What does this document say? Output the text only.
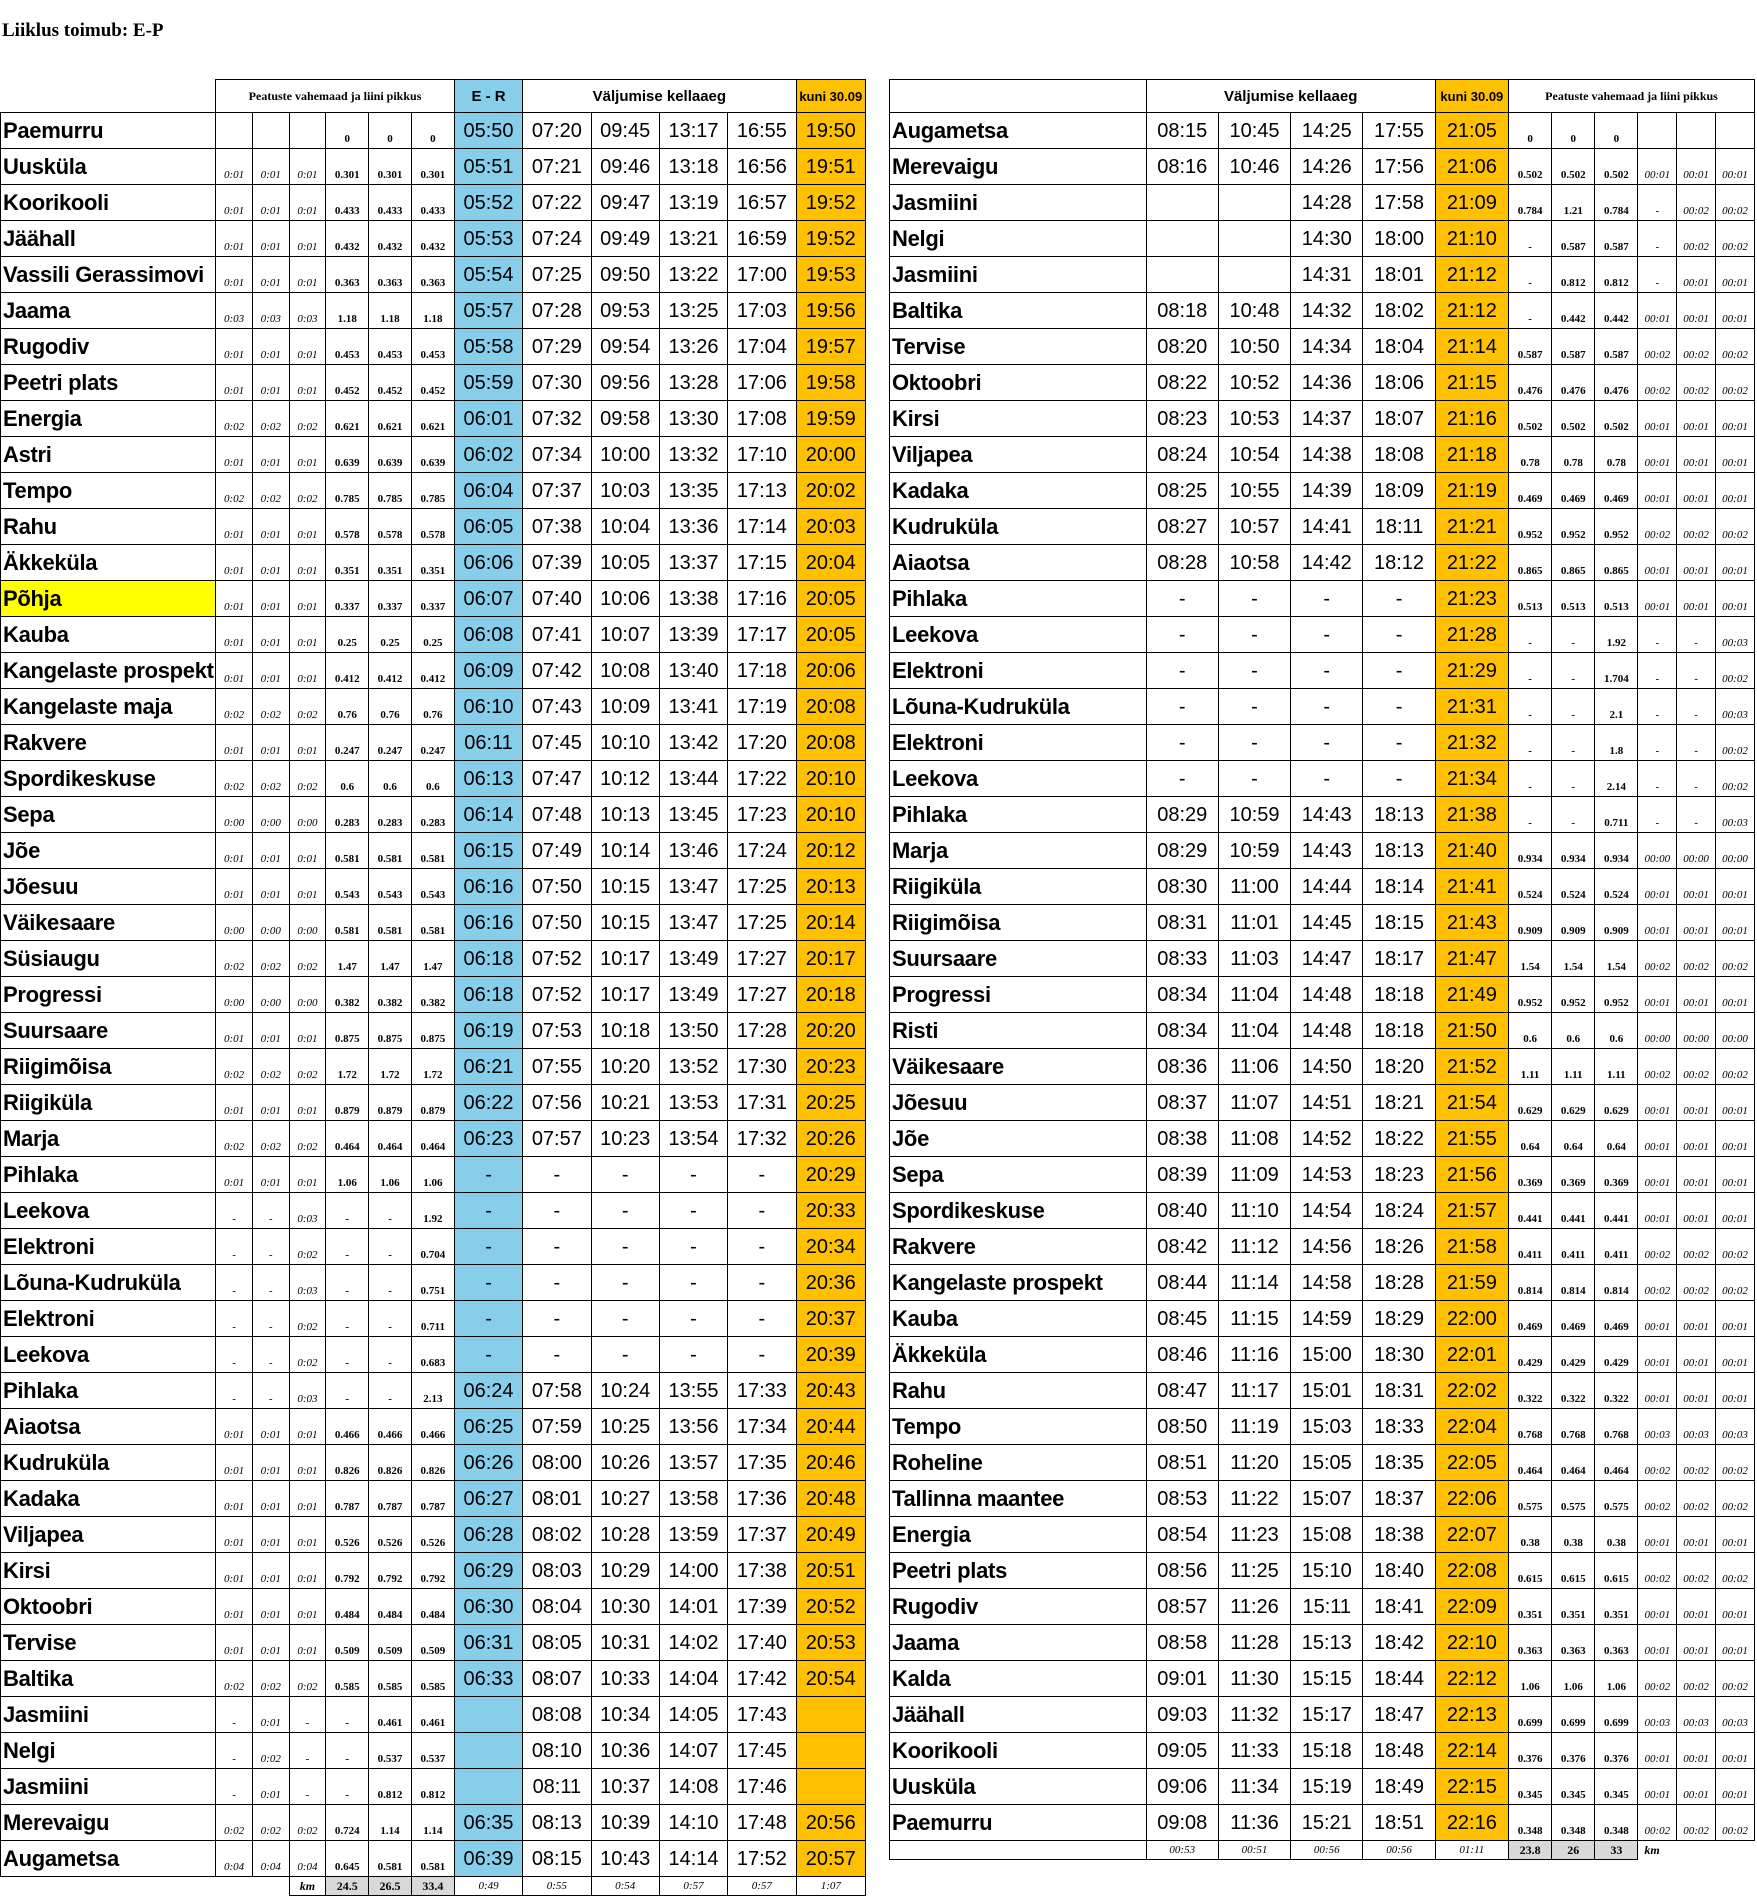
Liiklus toimub: E-P
	Peatuste vahemaad ja liini pikkus						E - R	Väljumise kellaaeg				kuni 30.09
Paemurru				0	0	0	05:50	07:20	09:45	13:17	16:55	19:50
Uusküla	0:01	0:01	0:01	0.301	0.301	0.301	05:51	07:21	09:46	13:18	16:56	19:51
Koorikooli	0:01	0:01	0:01	0.433	0.433	0.433	05:52	07:22	09:47	13:19	16:57	19:52
Jäähall	0:01	0:01	0:01	0.432	0.432	0.432	05:53	07:24	09:49	13:21	16:59	19:52
Vassili Gerassimovi	0:01	0:01	0:01	0.363	0.363	0.363	05:54	07:25	09:50	13:22	17:00	19:53
Jaama	0:03	0:03	0:03	1.18	1.18	1.18	05:57	07:28	09:53	13:25	17:03	19:56
Rugodiv	0:01	0:01	0:01	0.453	0.453	0.453	05:58	07:29	09:54	13:26	17:04	19:57
Peetri plats	0:01	0:01	0:01	0.452	0.452	0.452	05:59	07:30	09:56	13:28	17:06	19:58
Energia	0:02	0:02	0:02	0.621	0.621	0.621	06:01	07:32	09:58	13:30	17:08	19:59
Astri	0:01	0:01	0:01	0.639	0.639	0.639	06:02	07:34	10:00	13:32	17:10	20:00
Tempo	0:02	0:02	0:02	0.785	0.785	0.785	06:04	07:37	10:03	13:35	17:13	20:02
Rahu	0:01	0:01	0:01	0.578	0.578	0.578	06:05	07:38	10:04	13:36	17:14	20:03
Äkkeküla	0:01	0:01	0:01	0.351	0.351	0.351	06:06	07:39	10:05	13:37	17:15	20:04
Põhja	0:01	0:01	0:01	0.337	0.337	0.337	06:07	07:40	10:06	13:38	17:16	20:05
Kauba	0:01	0:01	0:01	0.25	0.25	0.25	06:08	07:41	10:07	13:39	17:17	20:05
Kangelaste prospekt	0:01	0:01	0:01	0.412	0.412	0.412	06:09	07:42	10:08	13:40	17:18	20:06
Kangelaste maja	0:02	0:02	0:02	0.76	0.76	0.76	06:10	07:43	10:09	13:41	17:19	20:08
Rakvere	0:01	0:01	0:01	0.247	0.247	0.247	06:11	07:45	10:10	13:42	17:20	20:08
Spordikeskuse	0:02	0:02	0:02	0.6	0.6	0.6	06:13	07:47	10:12	13:44	17:22	20:10
Sepa	0:00	0:00	0:00	0.283	0.283	0.283	06:14	07:48	10:13	13:45	17:23	20:10
Jõe	0:01	0:01	0:01	0.581	0.581	0.581	06:15	07:49	10:14	13:46	17:24	20:12
Jõesuu	0:01	0:01	0:01	0.543	0.543	0.543	06:16	07:50	10:15	13:47	17:25	20:13
Väikesaare	0:00	0:00	0:00	0.581	0.581	0.581	06:16	07:50	10:15	13:47	17:25	20:14
Süsiaugu	0:02	0:02	0:02	1.47	1.47	1.47	06:18	07:52	10:17	13:49	17:27	20:17
Progressi	0:00	0:00	0:00	0.382	0.382	0.382	06:18	07:52	10:17	13:49	17:27	20:18
Suursaare	0:01	0:01	0:01	0.875	0.875	0.875	06:19	07:53	10:18	13:50	17:28	20:20
Riigimõisa	0:02	0:02	0:02	1.72	1.72	1.72	06:21	07:55	10:20	13:52	17:30	20:23
Riigiküla	0:01	0:01	0:01	0.879	0.879	0.879	06:22	07:56	10:21	13:53	17:31	20:25
Marja	0:02	0:02	0:02	0.464	0.464	0.464	06:23	07:57	10:23	13:54	17:32	20:26
Pihlaka	0:01	0:01	0:01	1.06	1.06	1.06	-	-	-	-	-	20:29
Leekova	-	-	0:03	-	-	1.92	-	-	-	-	-	20:33
Elektroni	-	-	0:02	-	-	0.704	-	-	-	-	-	20:34
Lõuna-Kudruküla	-	-	0:03	-	-	0.751	-	-	-	-	-	20:36
Elektroni	-	-	0:02	-	-	0.711	-	-	-	-	-	20:37
Leekova	-	-	0:02	-	-	0.683	-	-	-	-	-	20:39
Pihlaka	-	-	0:03	-	-	2.13	06:24	07:58	10:24	13:55	17:33	20:43
Aiaotsa	0:01	0:01	0:01	0.466	0.466	0.466	06:25	07:59	10:25	13:56	17:34	20:44
Kudruküla	0:01	0:01	0:01	0.826	0.826	0.826	06:26	08:00	10:26	13:57	17:35	20:46
Kadaka	0:01	0:01	0:01	0.787	0.787	0.787	06:27	08:01	10:27	13:58	17:36	20:48
Viljapea	0:01	0:01	0:01	0.526	0.526	0.526	06:28	08:02	10:28	13:59	17:37	20:49
Kirsi	0:01	0:01	0:01	0.792	0.792	0.792	06:29	08:03	10:29	14:00	17:38	20:51
Oktoobri	0:01	0:01	0:01	0.484	0.484	0.484	06:30	08:04	10:30	14:01	17:39	20:52
Tervise	0:01	0:01	0:01	0.509	0.509	0.509	06:31	08:05	10:31	14:02	17:40	20:53
Baltika	0:02	0:02	0:02	0.585	0.585	0.585	06:33	08:07	10:33	14:04	17:42	20:54
Jasmiini	-	0:01	-	-	0.461	0.461		08:08	10:34	14:05	17:43	
Nelgi	-	0:02	-	-	0.537	0.537		08:10	10:36	14:07	17:45	
Jasmiini	-	0:01	-	-	0.812	0.812		08:11	10:37	14:08	17:46	
Merevaigu	0:02	0:02	0:02	0.724	1.14	1.14	06:35	08:13	10:39	14:10	17:48	20:56
Augametsa	0:04	0:04	0:04	0.645	0.581	0.581	06:39	08:15	10:43	14:14	17:52	20:57
			km	24.5	26.5	33.4	0:49	0:55	0:54	0:57	0:57	1:07
	Väljumise kellaaeg				kuni 30.09	Peatuste vahemaad ja liini pikkus					
Augametsa	08:15	10:45	14:25	17:55	21:05	0	0	0			
Merevaigu	08:16	10:46	14:26	17:56	21:06	0.502	0.502	0.502	00:01	00:01	00:01
Jasmiini			14:28	17:58	21:09	0.784	1.21	0.784	-	00:02	00:02
Nelgi			14:30	18:00	21:10	-	0.587	0.587	-	00:02	00:02
Jasmiini			14:31	18:01	21:12	-	0.812	0.812	-	00:01	00:01
Baltika	08:18	10:48	14:32	18:02	21:12	-	0.442	0.442	00:01	00:01	00:01
Tervise	08:20	10:50	14:34	18:04	21:14	0.587	0.587	0.587	00:02	00:02	00:02
Oktoobri	08:22	10:52	14:36	18:06	21:15	0.476	0.476	0.476	00:02	00:02	00:02
Kirsi	08:23	10:53	14:37	18:07	21:16	0.502	0.502	0.502	00:01	00:01	00:01
Viljapea	08:24	10:54	14:38	18:08	21:18	0.78	0.78	0.78	00:01	00:01	00:01
Kadaka	08:25	10:55	14:39	18:09	21:19	0.469	0.469	0.469	00:01	00:01	00:01
Kudruküla	08:27	10:57	14:41	18:11	21:21	0.952	0.952	0.952	00:02	00:02	00:02
Aiaotsa	08:28	10:58	14:42	18:12	21:22	0.865	0.865	0.865	00:01	00:01	00:01
Pihlaka	-	-	-	-	21:23	0.513	0.513	0.513	00:01	00:01	00:01
Leekova	-	-	-	-	21:28	-	-	1.92	-	-	00:03
Elektroni	-	-	-	-	21:29	-	-	1.704	-	-	00:02
Lõuna-Kudruküla	-	-	-	-	21:31	-	-	2.1	-	-	00:03
Elektroni	-	-	-	-	21:32	-	-	1.8	-	-	00:02
Leekova	-	-	-	-	21:34	-	-	2.14	-	-	00:02
Pihlaka	08:29	10:59	14:43	18:13	21:38	-	-	0.711	-	-	00:03
Marja	08:29	10:59	14:43	18:13	21:40	0.934	0.934	0.934	00:00	00:00	00:00
Riigiküla	08:30	11:00	14:44	18:14	21:41	0.524	0.524	0.524	00:01	00:01	00:01
Riigimõisa	08:31	11:01	14:45	18:15	21:43	0.909	0.909	0.909	00:01	00:01	00:01
Suursaare	08:33	11:03	14:47	18:17	21:47	1.54	1.54	1.54	00:02	00:02	00:02
Progressi	08:34	11:04	14:48	18:18	21:49	0.952	0.952	0.952	00:01	00:01	00:01
Risti	08:34	11:04	14:48	18:18	21:50	0.6	0.6	0.6	00:00	00:00	00:00
Väikesaare	08:36	11:06	14:50	18:20	21:52	1.11	1.11	1.11	00:02	00:02	00:02
Jõesuu	08:37	11:07	14:51	18:21	21:54	0.629	0.629	0.629	00:01	00:01	00:01
Jõe	08:38	11:08	14:52	18:22	21:55	0.64	0.64	0.64	00:01	00:01	00:01
Sepa	08:39	11:09	14:53	18:23	21:56	0.369	0.369	0.369	00:01	00:01	00:01
Spordikeskuse	08:40	11:10	14:54	18:24	21:57	0.441	0.441	0.441	00:01	00:01	00:01
Rakvere	08:42	11:12	14:56	18:26	21:58	0.411	0.411	0.411	00:02	00:02	00:02
Kangelaste prospekt	08:44	11:14	14:58	18:28	21:59	0.814	0.814	0.814	00:02	00:02	00:02
Kauba	08:45	11:15	14:59	18:29	22:00	0.469	0.469	0.469	00:01	00:01	00:01
Äkkeküla	08:46	11:16	15:00	18:30	22:01	0.429	0.429	0.429	00:01	00:01	00:01
Rahu	08:47	11:17	15:01	18:31	22:02	0.322	0.322	0.322	00:01	00:01	00:01
Tempo	08:50	11:19	15:03	18:33	22:04	0.768	0.768	0.768	00:03	00:03	00:03
Roheline	08:51	11:20	15:05	18:35	22:05	0.464	0.464	0.464	00:02	00:02	00:02
Tallinna maantee	08:53	11:22	15:07	18:37	22:06	0.575	0.575	0.575	00:02	00:02	00:02
Energia	08:54	11:23	15:08	18:38	22:07	0.38	0.38	0.38	00:01	00:01	00:01
Peetri plats	08:56	11:25	15:10	18:40	22:08	0.615	0.615	0.615	00:02	00:02	00:02
Rugodiv	08:57	11:26	15:11	18:41	22:09	0.351	0.351	0.351	00:01	00:01	00:01
Jaama	08:58	11:28	15:13	18:42	22:10	0.363	0.363	0.363	00:01	00:01	00:01
Kalda	09:01	11:30	15:15	18:44	22:12	1.06	1.06	1.06	00:02	00:02	00:02
Jäähall	09:03	11:32	15:17	18:47	22:13	0.699	0.699	0.699	00:03	00:03	00:03
Koorikooli	09:05	11:33	15:18	18:48	22:14	0.376	0.376	0.376	00:01	00:01	00:01
Uusküla	09:06	11:34	15:19	18:49	22:15	0.345	0.345	0.345	00:01	00:01	00:01
Paemurru	09:08	11:36	15:21	18:51	22:16	0.348	0.348	0.348	00:02	00:02	00:02
	00:53	00:51	00:56	00:56	01:11	23.8	26	33	km		
